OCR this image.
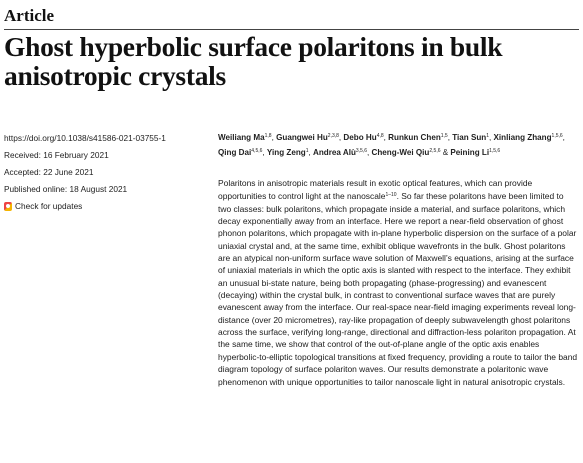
Article
Ghost hyperbolic surface polaritons in bulk anisotropic crystals
https://doi.org/10.1038/s41586-021-03755-1
Received: 16 February 2021
Accepted: 22 June 2021
Published online: 18 August 2021
Check for updates
Weiliang Ma$^{1,8}$, Guangwei Hu$^{2,3,8}$, Debo Hu$^{4,8}$, Runkun Chen$^{1,5}$, Tian Sun$^1$, Xinliang Zhang$^{1,5,6}$, Qing Dai$^{4,5,6}$, Ying Zeng$^1$, Andrea Alù$^{3,5,6}$, Cheng-Wei Qiu$^{2,5,6}$ & Peining Li$^{1,5,6}$

Polaritons in anisotropic materials result in exotic optical features, which can provide opportunities to control light at the nanoscale$^{1-10}$. So far these polaritons have been limited to two classes: bulk polaritons, which propagate inside a material, and surface polaritons, which decay exponentially away from an interface. Here we report a near-field observation of ghost phonon polaritons, which propagate with in-plane hyperbolic dispersion on the surface of a polar uniaxial crystal and, at the same time, exhibit oblique wavefronts in the bulk. Ghost polaritons are an atypical non-uniform surface wave solution of Maxwell’s equations, arising at the surface of uniaxial materials in which the optic axis is slanted with respect to the interface. They exhibit an unusual bi-state nature, being both propagating (phase-progressing) and evanescent (decaying) within the crystal bulk, in contrast to conventional surface waves that are purely evanescent away from the interface. Our real-space near-field imaging experiments reveal long-distance (over 20 micrometres), ray-like propagation of deeply subwavelength ghost polaritons across the surface, verifying long-range, directional and diffraction-less polariton propagation. At the same time, we show that control of the out-of-plane angle of the optic axis enables hyperbolic-to-elliptic topological transitions at fixed frequency, providing a route to tailor the band diagram topology of surface polariton waves. Our results demonstrate a polaritonic wave phenomenon with unique opportunities to tailor nanoscale light in natural anisotropic crystals.
